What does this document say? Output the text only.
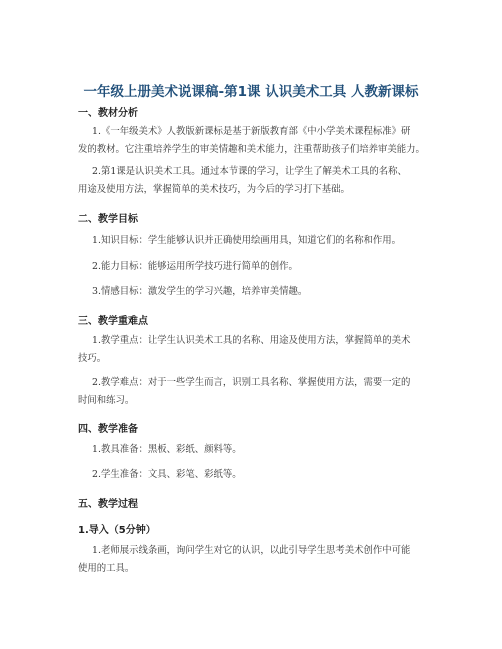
一年级上册美术说课稿-第1课 认识美术工具 人教新课标
一、教材分析
1.《一年级美术》人教版新课标是基于新版教育部《中小学美术课程标准》研
发的教材。它注重培养学生的审美情趣和美术能力，注重帮助孩子们培养审美能力。
2.第1课是认识美术工具。通过本节课的学习，让学生了解美术工具的名称、
用途及使用方法，掌握简单的美术技巧，为今后的学习打下基础。
二、教学目标
1.知识目标：学生能够认识并正确使用绘画用具，知道它们的名称和作用。
2.能力目标：能够运用所学技巧进行简单的创作。
3.情感目标：激发学生的学习兴趣，培养审美情趣。
三、教学重难点
1.教学重点：让学生认识美术工具的名称、用途及使用方法，掌握简单的美术
技巧。
2.教学难点：对于一些学生而言，识别工具名称、掌握使用方法，需要一定的
时间和练习。
四、教学准备
1.教具准备：黑板、彩纸、颜料等。
2.学生准备：文具、彩笔、彩纸等。
五、教学过程
1.导入（5分钟）
1.老师展示线条画，询问学生对它的认识，以此引导学生思考美术创作中可能
使用的工具。
